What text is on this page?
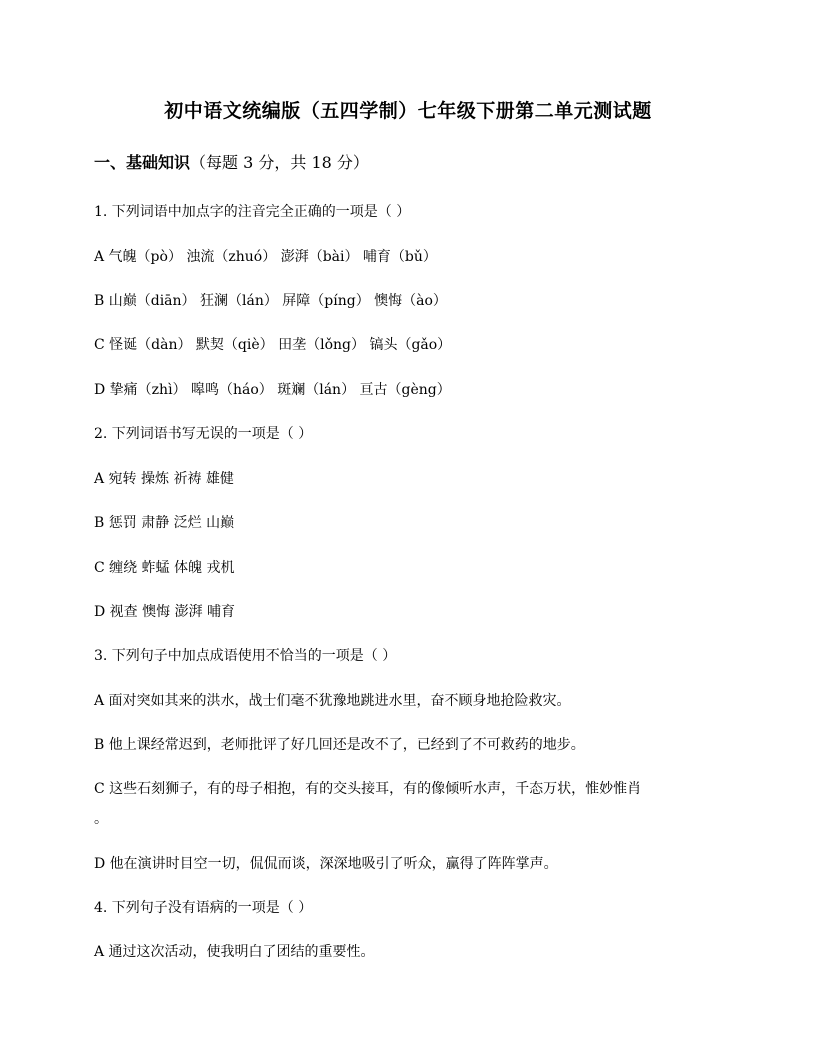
初中语文统编版（五四学制）七年级下册第二单元测试题
一、基础知识（每题 3 分，共 18 分）
1. 下列词语中加点字的注音完全正确的一项是（ ）
A 气魄（pò） 浊流（zhuó） 澎湃（bài） 哺育（bǔ）
B 山巅（diān） 狂澜（lán） 屏障（píng） 懊悔（ào）
C 怪诞（dàn） 默契（qiè） 田垄（lǒng） 镐头（gǎo）
D 挚痛（zhì） 嗥鸣（háo） 斑斓（lán） 亘古（gèng）
2. 下列词语书写无误的一项是（ ）
A 宛转 操炼 祈祷 雄健
B 惩罚 肃静 泛烂 山巅
C 缠绕 蚱蜢 体魄 戎机
D 视查 懊悔 澎湃 哺育
3. 下列句子中加点成语使用不恰当的一项是（ ）
A 面对突如其来的洪水，战士们毫不犹豫地跳进水里，奋不顾身地抢险救灾。
B 他上课经常迟到，老师批评了好几回还是改不了，已经到了不可救药的地步。
C 这些石刻狮子，有的母子相抱，有的交头接耳，有的像倾听水声，千态万状，惟妙惟肖
。
D 他在演讲时目空一切，侃侃而谈，深深地吸引了听众，赢得了阵阵掌声。
4. 下列句子没有语病的一项是（ ）
A 通过这次活动，使我明白了团结的重要性。
